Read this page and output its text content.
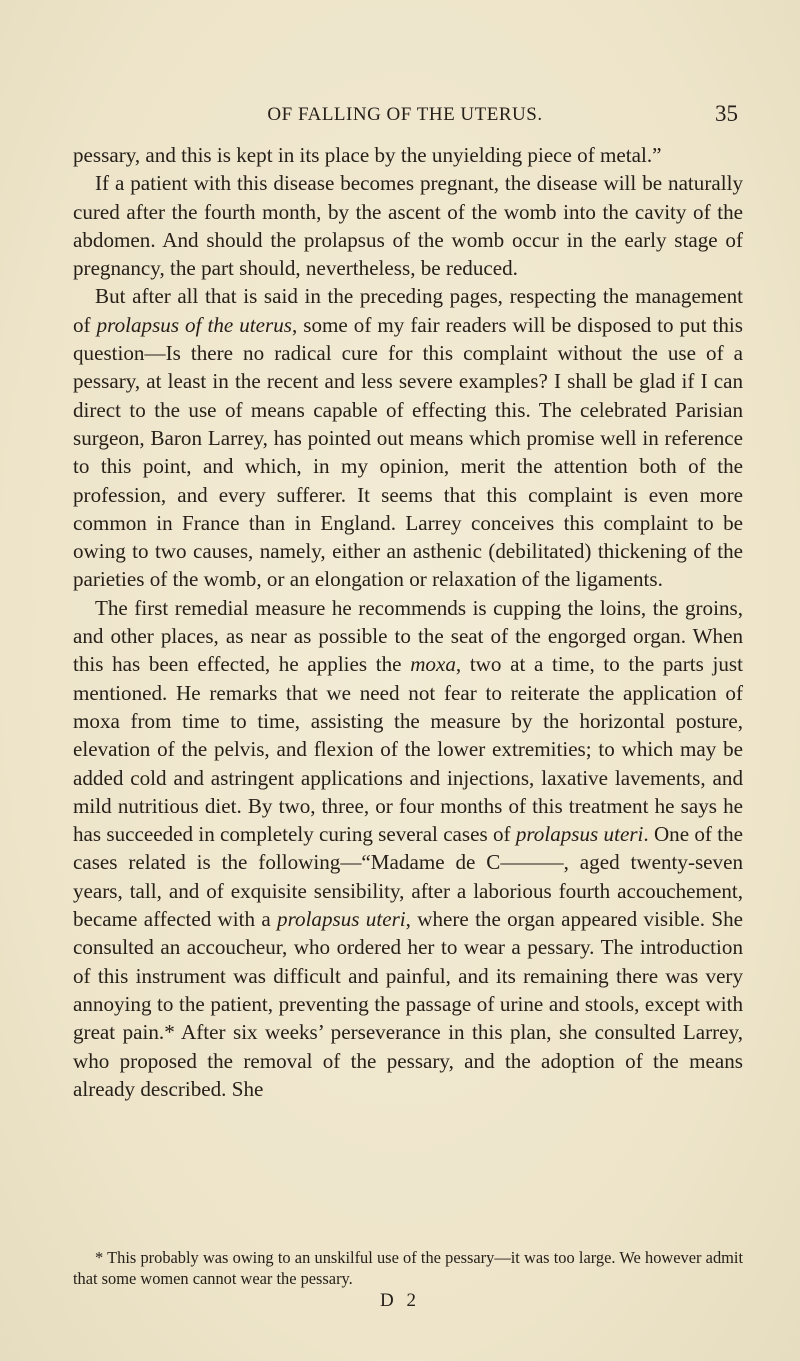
OF FALLING OF THE UTERUS.	35

pessary, and this is kept in its place by the unyielding piece of metal.”

If a patient with this disease becomes pregnant, the disease will be naturally cured after the fourth month, by the ascent of the womb into the cavity of the abdomen. And should the prolapsus of the womb occur in the early stage of pregnancy, the part should, nevertheless, be reduced.

But after all that is said in the preceding pages, respecting the management of prolapsus of the uterus, some of my fair readers will be disposed to put this question—Is there no radical cure for this complaint without the use of a pessary, at least in the recent and less severe examples? I shall be glad if I can direct to the use of means capable of effecting this. The celebrated Parisian surgeon, Baron Larrey, has pointed out means which promise well in reference to this point, and which, in my opinion, merit the attention both of the profession, and every sufferer. It seems that this complaint is even more common in France than in England. Larrey conceives this complaint to be owing to two causes, namely, either an asthenic (debilitated) thickening of the parieties of the womb, or an elongation or relaxation of the ligaments.

The first remedial measure he recommends is cupping the loins, the groins, and other places, as near as possible to the seat of the engorged organ. When this has been effected, he applies the moxa, two at a time, to the parts just mentioned. He remarks that we need not fear to reiterate the application of moxa from time to time, assisting the measure by the horizontal posture, elevation of the pelvis, and flexion of the lower extremities; to which may be added cold and astringent applications and injections, laxative lavements, and mild nutritious diet. By two, three, or four months of this treatment he says he has succeeded in completely curing several cases of prolapsus uteri. One of the cases related is the following—“Madame de C———, aged twenty-seven years, tall, and of exquisite sensibility, after a laborious fourth accouchement, became affected with a prolapsus uteri, where the organ appeared visible. She consulted an accoucheur, who ordered her to wear a pessary. The introduction of this instrument was difficult and painful, and its remaining there was very annoying to the patient, preventing the passage of urine and stools, except with great pain.* After six weeks’ perseverance in this plan, she consulted Larrey, who proposed the removal of the pessary, and the adoption of the means already described. She

* This probably was owing to an unskilful use of the pessary—it was too large. We however admit that some women cannot wear the pessary.

D 2
